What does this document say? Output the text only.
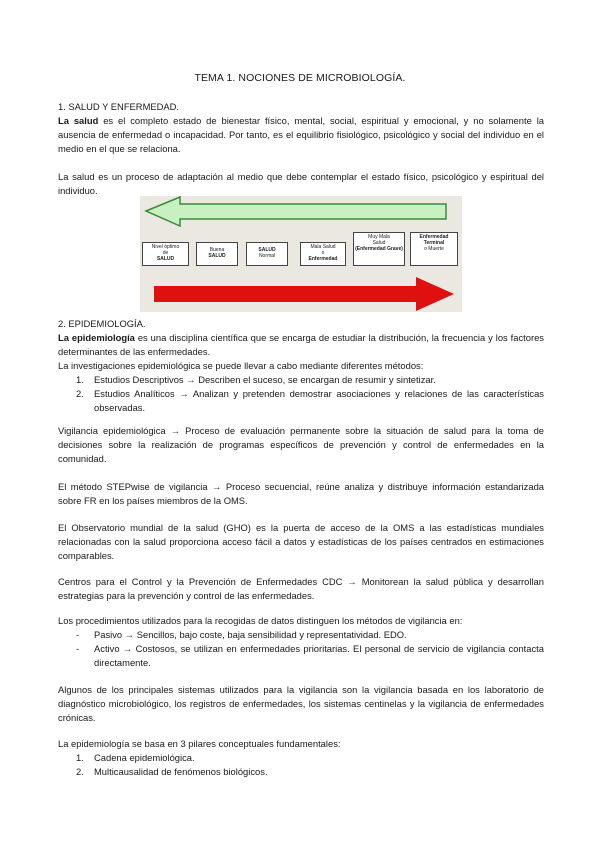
TEMA 1. NOCIONES DE MICROBIOLOGÍA.
1. SALUD Y ENFERMEDAD.
La salud es el completo estado de bienestar físico, mental, social, espiritual y emocional, y no solamente la ausencia de enfermedad o incapacidad. Por tanto, es el equilibrio fisiológico, psicológico y social del individuo en el medio en el que se relaciona.
La salud es un proceso de adaptación al medio que debe contemplar el estado físico, psicológico y espiritual del individuo.
Nivel óptimo
de
SALUD
Buena
SALUD
SALUD
Normal
Mala Salud
o
Enfermedad
Muy Mala
Salud
(Enfermedad Grave)
Enfermedad
Terminal
o Muerte
2. EPIDEMIOLOGÍA.
La epidemiología es una disciplina científica que se encarga de estudiar la distribución, la frecuencia y los factores determinantes de las enfermedades.
La investigaciones epidemiológica se puede llevar a cabo mediante diferentes métodos:
1. Estudios Descriptivos → Describen el suceso, se encargan de resumir y sintetizar.
2. Estudios Analíticos → Analizan y pretenden demostrar asociaciones y relaciones de las características observadas.
Vigilancia epidemiológica → Proceso de evaluación permanente sobre la situación de salud para la toma de decisiones sobre la realización de programas específicos de prevención y control de enfermedades en la comunidad.
El método STEPwise de vigilancia → Proceso secuencial, reúne analiza y distribuye información estandarizada sobre FR en los países miembros de la OMS.
El Observatorio mundial de la salud (GHO) es la puerta de acceso de la OMS a las estadísticas mundiales relacionadas con la salud proporciona acceso fácil a datos y estadísticas de los países centrados en estimaciones comparables.
Centros para el Control y la Prevención de Enfermedades CDC → Monitorean la salud pública y desarrollan estrategias para la prevención y control de las enfermedades.
Los procedimientos utilizados para la recogidas de datos distinguen los métodos de vigilancia en:
- Pasivo → Sencillos, bajo coste, baja sensibilidad y representatividad. EDO.
- Activo → Costosos, se utilizan en enfermedades prioritarias. El personal de servicio de vigilancia contacta directamente.
Algunos de los principales sistemas utilizados para la vigilancia son la vigilancia basada en los laboratorio de diagnóstico microbiológico, los registros de enfermedades, los sistemas centinelas y la vigilancia de enfermedades crónicas.
La epidemiología se basa en 3 pilares conceptuales fundamentales:
1. Cadena epidemiológica.
2. Multicausalidad de fenómenos biológicos.
